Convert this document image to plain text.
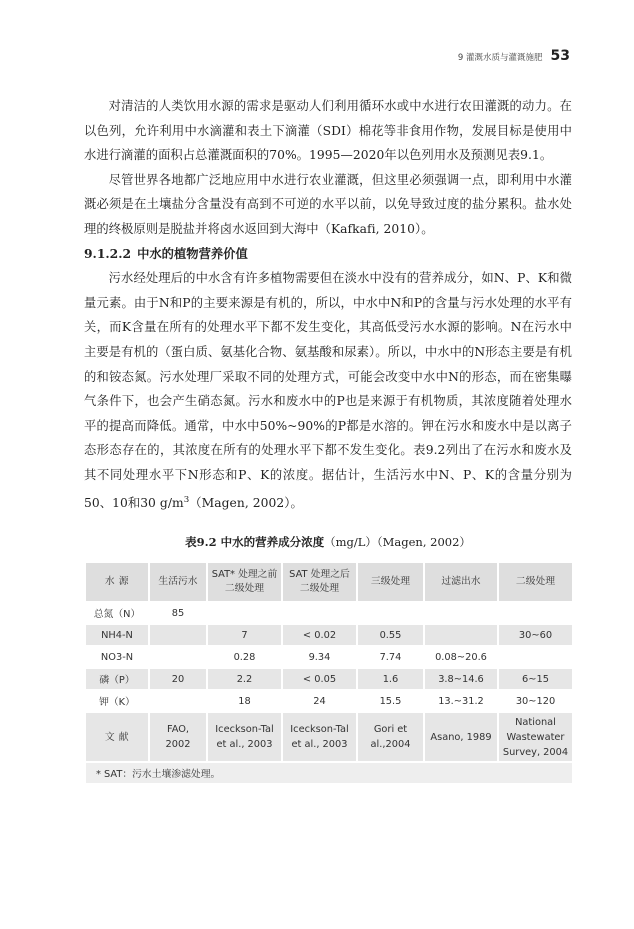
9 灌溉水质与灌溉施肥 53

对清洁的人类饮用水源的需求是驱动人们利用循环水或中水进行农田灌溉的动力。在以色列，允许利用中水滴灌和表土下滴灌（SDI）棉花等非食用作物，发展目标是使用中水进行滴灌的面积占总灌溉面积的70%。1995—2020年以色列用水及预测见表9.1。

尽管世界各地都广泛地应用中水进行农业灌溉，但这里必须强调一点，即利用中水灌溉必须是在土壤盐分含量没有高到不可逆的水平以前，以免导致过度的盐分累积。盐水处理的终极原则是脱盐并将卤水返回到大海中（Kafkafi, 2010）。

9.1.2.2 中水的植物营养价值

污水经处理后的中水含有许多植物需要但在淡水中没有的营养成分，如N、P、K和微量元素。由于N和P的主要来源是有机的，所以，中水中N和P的含量与污水处理的水平有关，而K含量在所有的处理水平下都不发生变化，其高低受污水水源的影响。N在污水中主要是有机的（蛋白质、氨基化合物、氨基酸和尿素）。所以，中水中的N形态主要是有机的和铵态氮。污水处理厂采取不同的处理方式，可能会改变中水中N的形态，而在密集曝气条件下，也会产生硝态氮。污水和废水中的P也是来源于有机物质，其浓度随着处理水平的提高而降低。通常，中水中50%~90%的P都是水溶的。钾在污水和废水中是以离子态形态存在的，其浓度在所有的处理水平下都不发生变化。表9.2列出了在污水和废水及其不同处理水平下N形态和P、K的浓度。据估计，生活污水中N、P、K的含量分别为50、10和30 $g/m^3(Magen$, 2002）。

表9.2 中水的营养成分浓度（mg/L）（Magen, 2002）
水 源	生活污水	SAT* 处理之前二级处理	SAT 处理之后二级处理	三级处理	过滤出水	二级处理
总氮（N）	85					
NH4-N		7	< 0.02	0.55		30~60
NO3-N		0.28	9.34	7.74	0.08~20.6	
磷（P）	20	2.2	< 0.05	1.6	3.8~14.6	6~15
钾（K）		18	24	15.5	13.~31.2	30~120
文 献	FAO, 2002	Iceckson-Tal et al., 2003	Iceckson-Tal et al., 2003	Gori et al.,2004	Asano, 1989	National Wastewater Survey, 2004
* SAT：污水土壤渗滤处理。						
